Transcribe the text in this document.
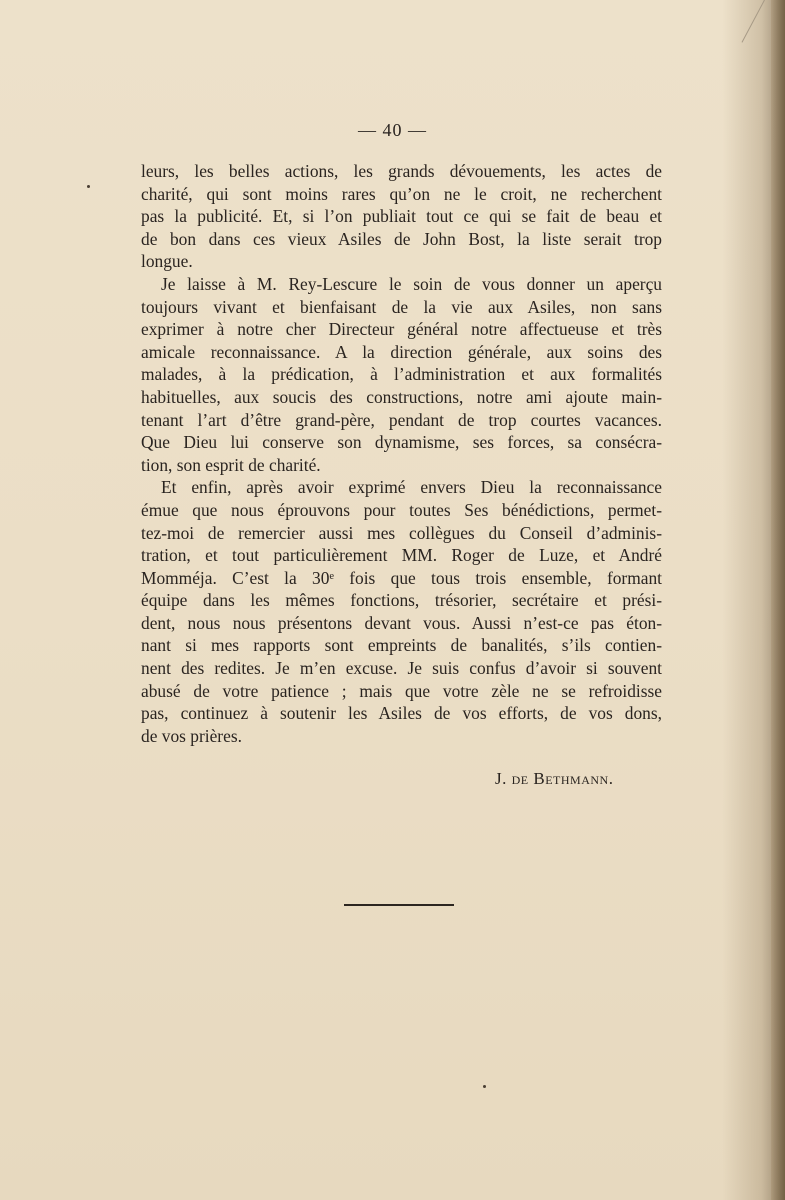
— 40 —
leurs, les belles actions, les grands dévouements, les actes de
charité, qui sont moins rares qu’on ne le croit, ne recherchent
pas la publicité. Et, si l’on publiait tout ce qui se fait de beau et
de bon dans ces vieux Asiles de John Bost, la liste serait trop
longue.
Je laisse à M. Rey-Lescure le soin de vous donner un aperçu
toujours vivant et bienfaisant de la vie aux Asiles, non sans
exprimer à notre cher Directeur général notre affectueuse et très
amicale reconnaissance. A la direction générale, aux soins des
malades, à la prédication, à l’administration et aux formalités
habituelles, aux soucis des constructions, notre ami ajoute main-
tenant l’art d’être grand-père, pendant de trop courtes vacances.
Que Dieu lui conserve son dynamisme, ses forces, sa consécra-
tion, son esprit de charité.
Et enfin, après avoir exprimé envers Dieu la reconnaissance
émue que nous éprouvons pour toutes Ses bénédictions, permet-
tez-moi de remercier aussi mes collègues du Conseil d’adminis-
tration, et tout particulièrement MM. Roger de Luze, et André
Momméja. C’est la 30ᵉ fois que tous trois ensemble, formant
équipe dans les mêmes fonctions, trésorier, secrétaire et prési-
dent, nous nous présentons devant vous. Aussi n’est-ce pas éton-
nant si mes rapports sont empreints de banalités, s’ils contien-
nent des redites. Je m’en excuse. Je suis confus d’avoir si souvent
abusé de votre patience ; mais que votre zèle ne se refroidisse
pas, continuez à soutenir les Asiles de vos efforts, de vos dons,
de vos prières.
J. de Bethmann.
